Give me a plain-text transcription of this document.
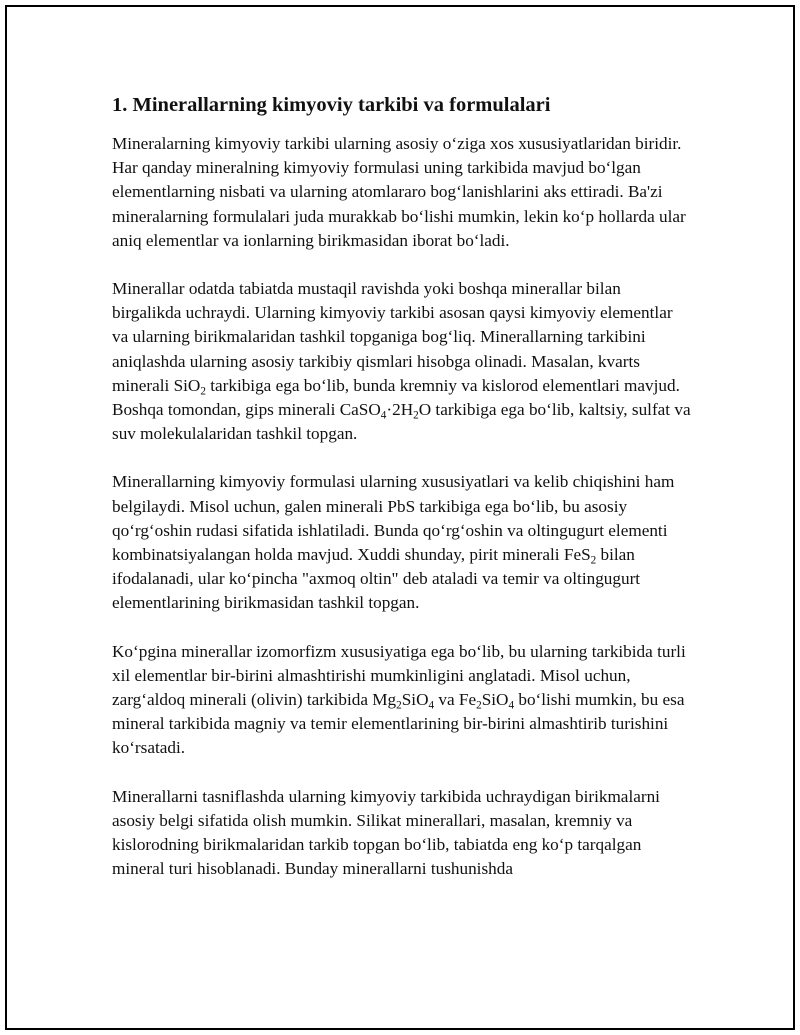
1. Minerallarning kimyoviy tarkibi va formulalari

Mineralarning kimyoviy tarkibi ularning asosiy o‘ziga xos xususiyatlaridan biridir. Har qanday mineralning kimyoviy formulasi uning tarkibida mavjud bo‘lgan elementlarning nisbati va ularning atomlararo bog‘lanishlarini aks ettiradi. Ba'zi mineralarning formulalari juda murakkab bo‘lishi mumkin, lekin ko‘p hollarda ular aniq elementlar va ionlarning birikmasidan iborat bo‘ladi.

Minerallar odatda tabiatda mustaqil ravishda yoki boshqa minerallar bilan birgalikda uchraydi. Ularning kimyoviy tarkibi asosan qaysi kimyoviy elementlar va ularning birikmalaridan tashkil topganiga bog‘liq. Minerallarning tarkibini aniqlashda ularning asosiy tarkibiy qismlari hisobga olinadi. Masalan, kvarts minerali SiO$_2$ tarkibiga ega bo‘lib, bunda kremniy va kislorod elementlari mavjud. Boshqa tomondan, gips minerali $CaSO_4\cdot 2H_2O$ tarkibiga ega bo‘lib, kaltsiy, sulfat va suv molekulalaridan tashkil topgan.

Minerallarning kimyoviy formulasi ularning xususiyatlari va kelib chiqishini ham belgilaydi. Misol uchun, galen minerali PbS tarkibiga ega bo‘lib, bu asosiy qo‘rg‘oshin rudasi sifatida ishlatiladi. Bunda qo‘rg‘oshin va oltingugurt elementi kombinatsiyalangan holda mavjud. Xuddi shunday, pirit minerali FeS$_2$ bilan ifodalanadi, ular ko‘pincha "axmoq oltin" deb ataladi va temir va oltingugurt elementlarining birikmasidan tashkil topgan.

Ko‘pgina minerallar izomorfizm xususiyatiga ega bo‘lib, bu ularning tarkibida turli xil elementlar bir-birini almashtirishi mumkinligini anglatadi. Misol uchun, zarg‘aldoq minerali (olivin) tarkibida $Mg_2SiO_4$ va $Fe_2SiO_4$ bo‘lishi mumkin, bu esa mineral tarkibida magniy va temir elementlarining bir-birini almashtirib turishini ko‘rsatadi.

Minerallarni tasniflashda ularning kimyoviy tarkibida uchraydigan birikmalarni asosiy belgi sifatida olish mumkin. Silikat minerallari, masalan, kremniy va kislorodning birikmalaridan tarkib topgan bo‘lib, tabiatda eng ko‘p tarqalgan mineral turi hisoblanadi. Bunday minerallarni tushunishda
